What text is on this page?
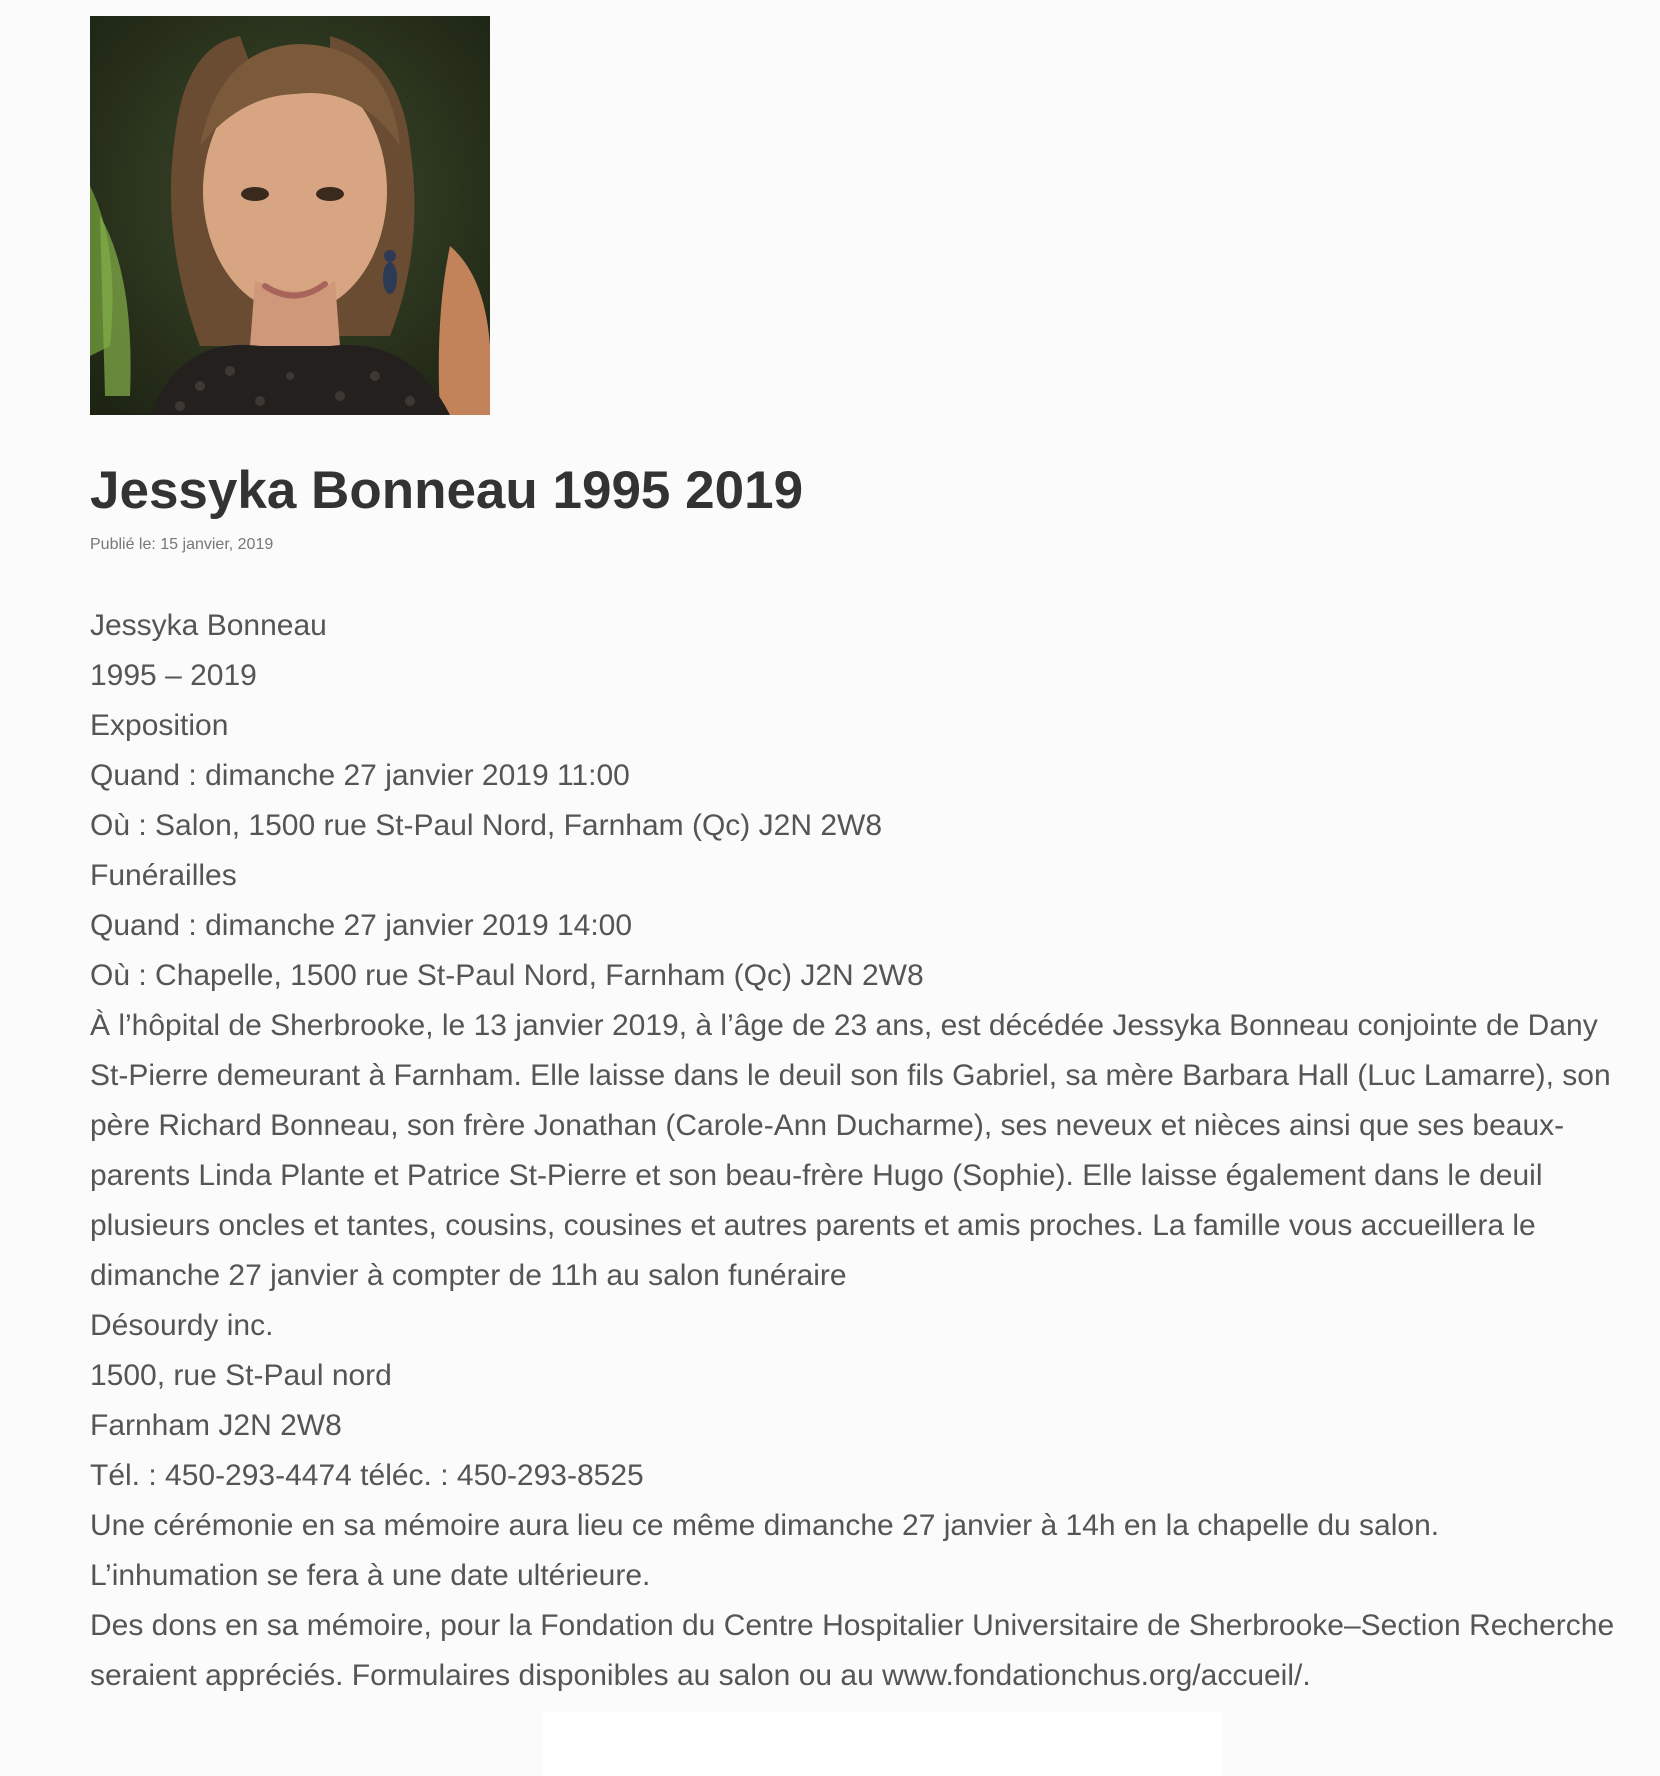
Jessyka Bonneau 1995 2019
Publié le: 15 janvier, 2019

Jessyka Bonneau

1995 – 2019

Exposition

Quand : dimanche 27 janvier 2019 11:00

Où : Salon, 1500 rue St-Paul Nord, Farnham (Qc) J2N 2W8

Funérailles

Quand : dimanche 27 janvier 2019 14:00

Où : Chapelle, 1500 rue St-Paul Nord, Farnham (Qc) J2N 2W8

À l’hôpital de Sherbrooke, le 13 janvier 2019, à l’âge de 23 ans, est décédée Jessyka Bonneau conjointe de Dany St-Pierre demeurant à Farnham. Elle laisse dans le deuil son fils Gabriel, sa mère Barbara Hall (Luc Lamarre), son père Richard Bonneau, son frère Jonathan (Carole-Ann Ducharme), ses neveux et nièces ainsi que ses beaux-parents Linda Plante et Patrice St-Pierre et son beau-frère Hugo (Sophie). Elle laisse également dans le deuil plusieurs oncles et tantes, cousins, cousines et autres parents et amis proches. La famille vous accueillera le dimanche 27 janvier à compter de 11h au salon funéraire

Désourdy inc.

1500, rue St-Paul nord

Farnham J2N 2W8

Tél. : 450-293-4474 téléc. : 450-293-8525

Une cérémonie en sa mémoire aura lieu ce même dimanche 27 janvier à 14h en la chapelle du salon.

L’inhumation se fera à une date ultérieure.

Des dons en sa mémoire, pour la Fondation du Centre Hospitalier Universitaire de Sherbrooke–Section Recherche seraient appréciés. Formulaires disponibles au salon ou au www.fondationchus.org/accueil/.
